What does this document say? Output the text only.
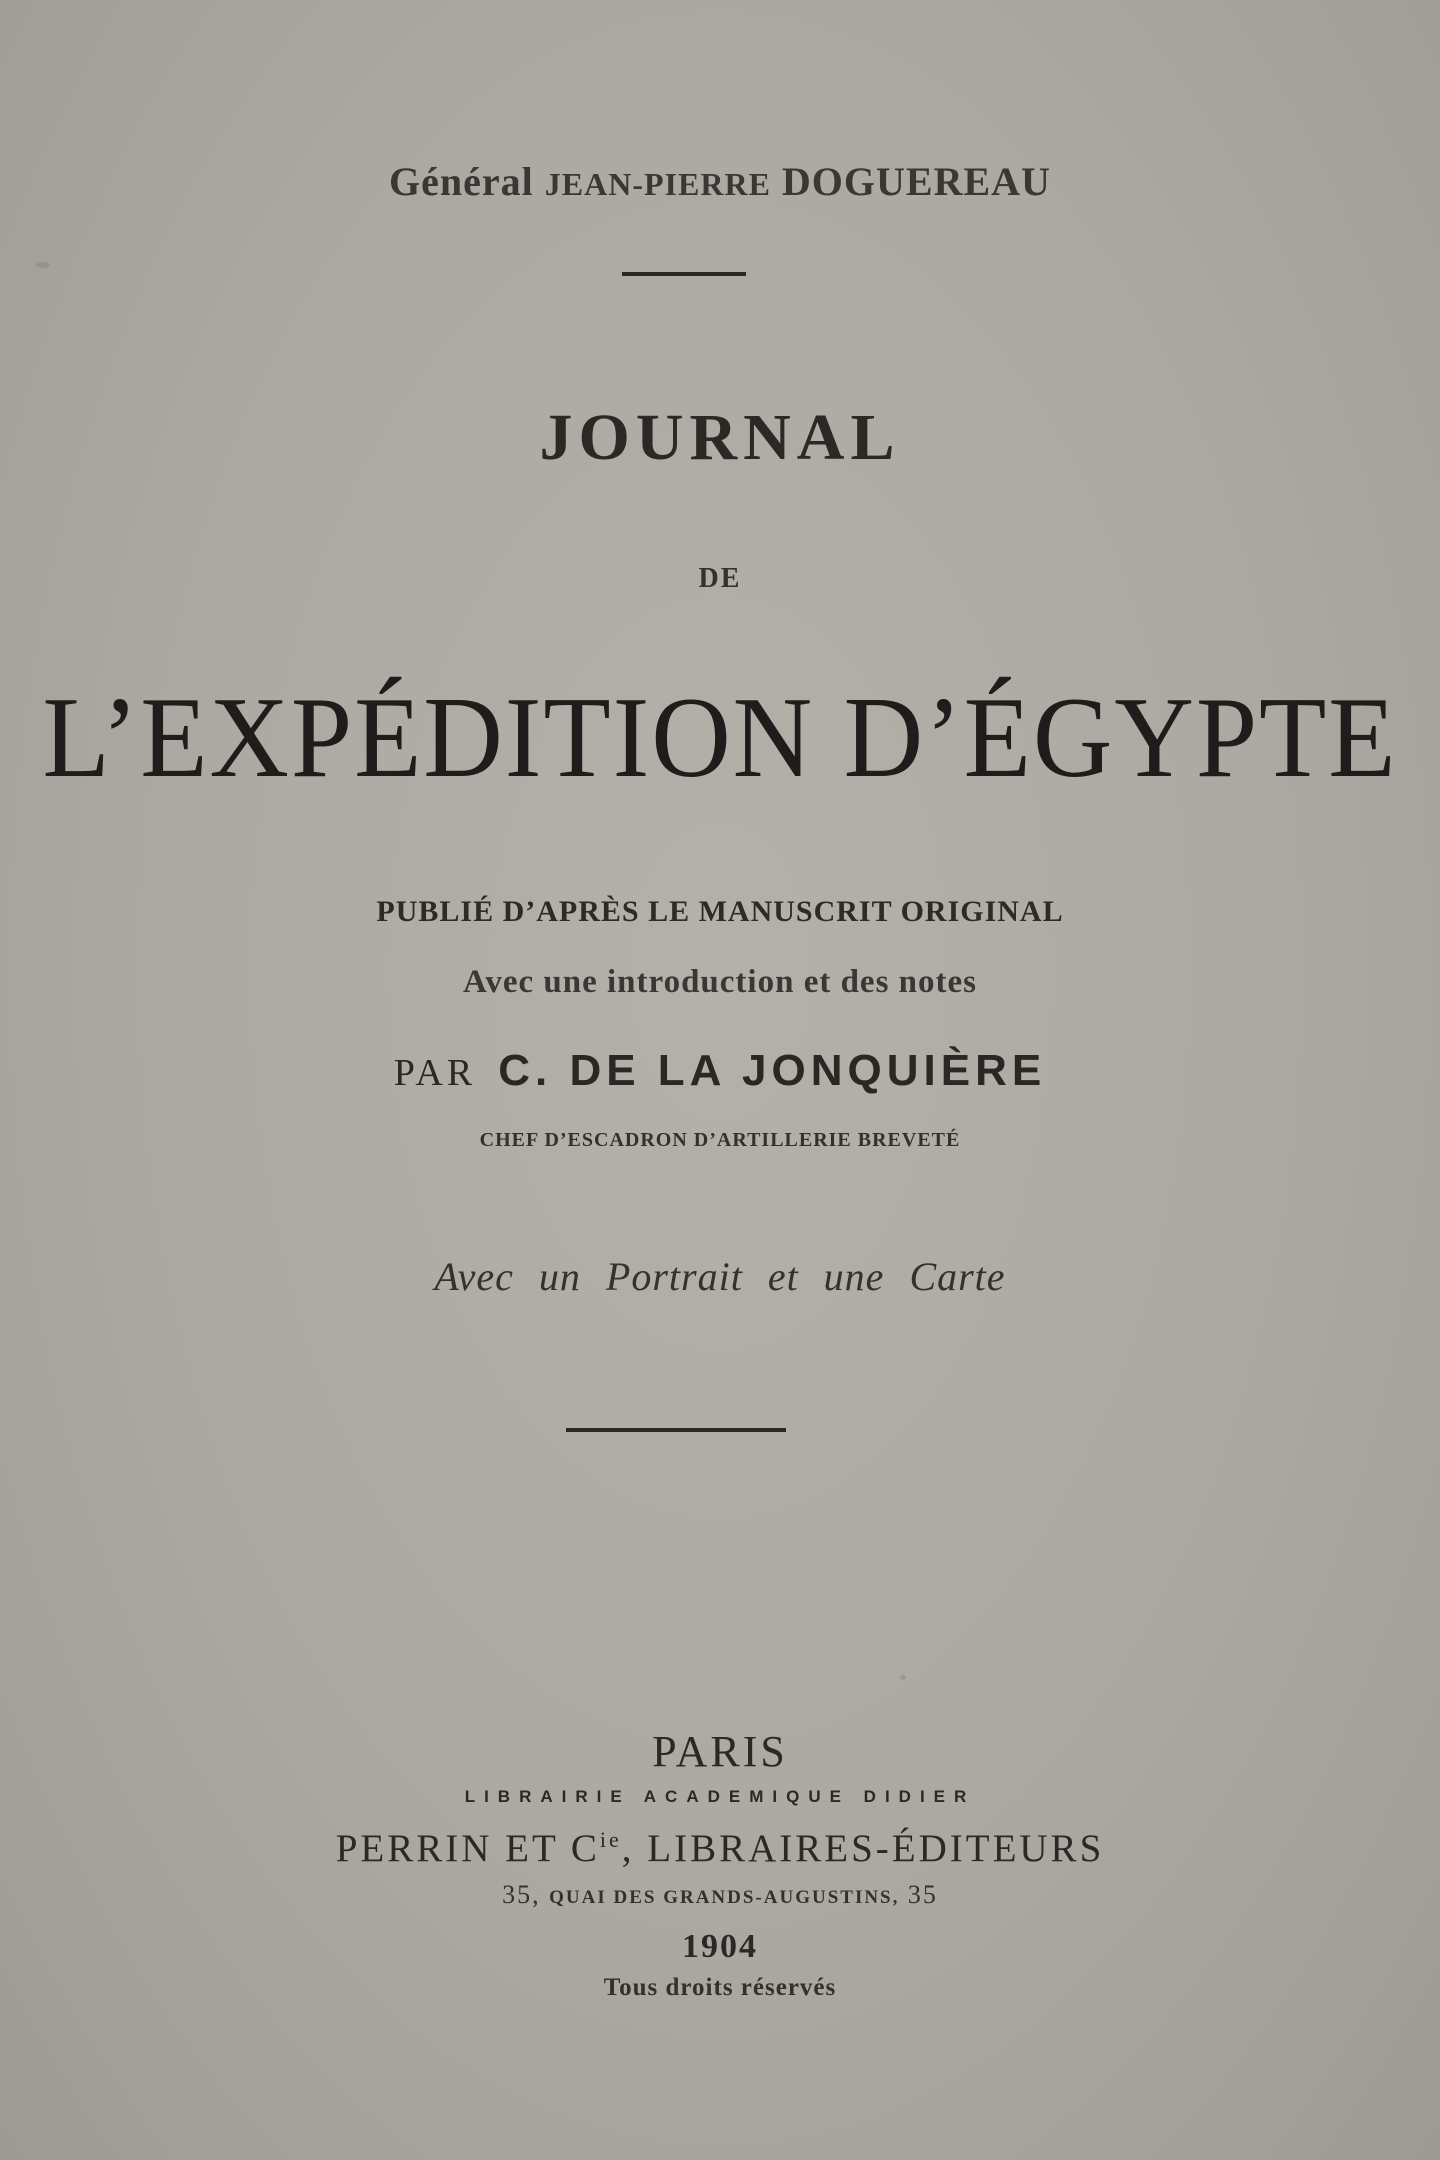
Général JEAN-PIERRE DOGUEREAU
JOURNAL
DE
L’EXPÉDITION D’ÉGYPTE
PUBLIÉ D’APRÈS LE MANUSCRIT ORIGINAL
Avec une introduction et des notes
PAR C. DE LA JONQUIÈRE
CHEF D’ESCADRON D’ARTILLERIE BREVETÉ
Avec un Portrait et une Carte
PARIS
LIBRAIRIE ACADEMIQUE DIDIER
PERRIN ET $C^{ie}$, LIBRAIRES-ÉDITEURS
35, QUAI DES GRANDS-AUGUSTINS, 35
1904
Tous droits réservés
